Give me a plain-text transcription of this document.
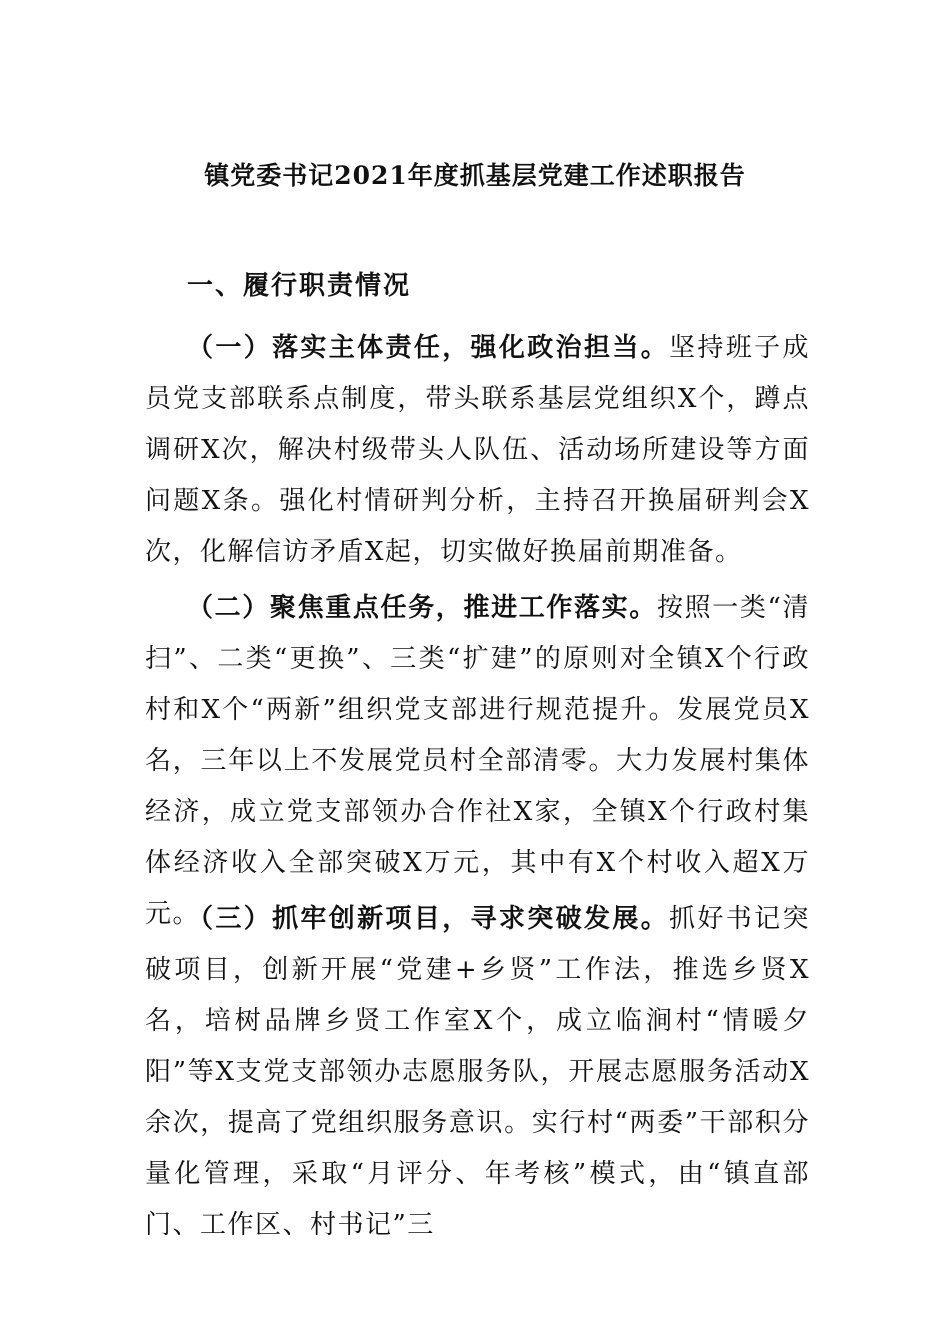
镇党委书记2021年度抓基层党建工作述职报告
一、履行职责情况

（一）落实主体责任，强化政治担当。坚持班子成员党支部联系点制度，带头联系基层党组织X个，蹲点调研X次，解决村级带头人队伍、活动场所建设等方面问题X条。强化村情研判分析，主持召开换届研判会X次，化解信访矛盾X起，切实做好换届前期准备。

（二）聚焦重点任务，推进工作落实。按照一类“清扫”、二类“更换”、三类“扩建”的原则对全镇X个行政村和X个“两新”组织党支部进行规范提升。发展党员X名，三年以上不发展党员村全部清零。大力发展村集体经济，成立党支部领办合作社X家，全镇X个行政村集体经济收入全部突破X万元，其中有X个村收入超X万元。

（三）抓牢创新项目，寻求突破发展。抓好书记突破项目，创新开展“党建+乡贤”工作法，推选乡贤X名，培树品牌乡贤工作室X个，成立临涧村“情暖夕阳”等X支党支部领办志愿服务队，开展志愿服务活动X余次，提高了党组织服务意识。实行村“两委”干部积分量化管理，采取“月评分、年考核”模式，由“镇直部门、工作区、村书记”三
